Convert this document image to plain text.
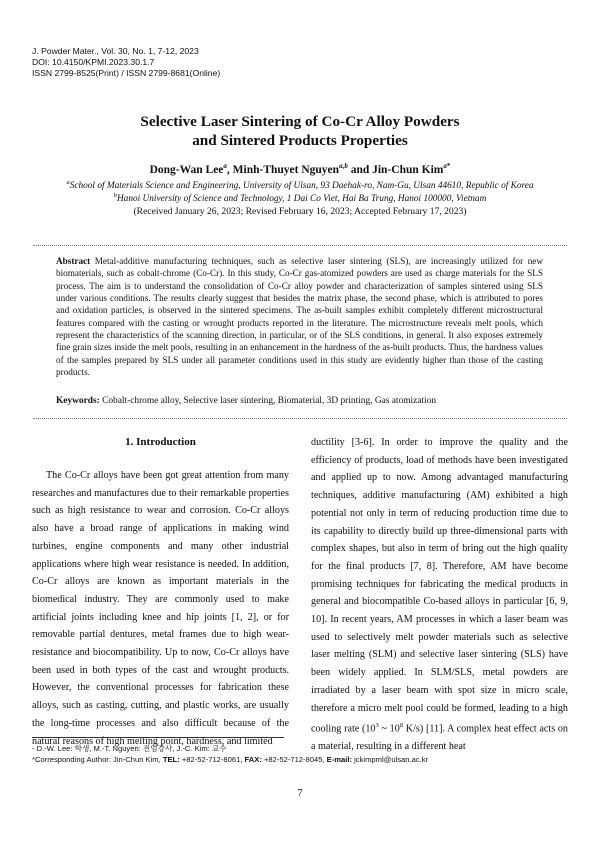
J. Powder Mater., Vol. 30, No. 1, 7-12, 2023
DOI: 10.4150/KPMI.2023.30.1.7
ISSN 2799-8525(Print) / ISSN 2799-8681(Online)
Selective Laser Sintering of Co-Cr Alloy Powders
and Sintered Products Properties
Dong-Wan Lee$^a$, Minh-Thuyet Nguyen$^{a,b}$ and Jin-Chun Kim$^{a*}$
$^a$School of Materials Science and Engineering, University of Ulsan, 93 Daehak-ro, Nam-Gu, Ulsan 44610, Republic of Korea
$^b$Hanoi University of Science and Technology, 1 Dai Co Viet, Hai Ba Trung, Hanoi 100000, Vietnam
(Received January 26, 2023; Revised February 16, 2023; Accepted February 17, 2023)
Abstract Metal-additive manufacturing techniques, such as selective laser sintering (SLS), are increasingly utilized for new biomaterials, such as cobalt-chrome (Co-Cr). In this study, Co-Cr gas-atomized powders are used as charge materials for the SLS process. The aim is to understand the consolidation of Co-Cr alloy powder and characterization of samples sintered using SLS under various conditions. The results clearly suggest that besides the matrix phase, the second phase, which is attributed to pores and oxidation particles, is observed in the sintered specimens. The as-built samples exhibit completely different microstructural features compared with the casting or wrought products reported in the literature. The microstructure reveals melt pools, which represent the characteristics of the scanning direction, in particular, or of the SLS conditions, in general. It also exposes extremely fine grain sizes inside the melt pools, resulting in an enhancement in the hardness of the as-built products. Thus, the hardness values of the samples prepared by SLS under all parameter conditions used in this study are evidently higher than those of the casting products.
Keywords: Cobalt-chrome alloy, Selective laser sintering, Biomaterial, 3D printing, Gas atomization
1. Introduction

The Co-Cr alloys have been got great attention from many researches and manufactures due to their remarkable properties such as high resistance to wear and corrosion. Co-Cr alloys also have a broad range of applications in making wind turbines, engine components and many other industrial applications where high wear resistance is needed. In addition, Co-Cr alloys are known as important materials in the biomedical industry. They are commonly used to make artificial joints including knee and hip joints [1, 2], or for removable partial dentures, metal frames due to high wear-resistance and biocompatibility. Up to now, Co-Cr alloys have been used in both types of the cast and wrought products. However, the conventional processes for fabrication these alloys, such as casting, cutting, and plastic works, are usually the long-time processes and also difficult because of the natural reasons of high melting point, hardness, and limited

ductility [3-6]. In order to improve the quality and the efficiency of products, load of methods have been investigated and applied up to now. Among advantaged manufacturing techniques, additive manufacturing (AM) exhibited a high potential not only in term of reducing production time due to its capability to directly build up three-dimensional parts with complex shapes, but also in term of bring out the high quality for the final products [7, 8]. Therefore, AM have become promising techniques for fabricating the medical products in general and biocompatible Co-based alloys in particular [6, 9, 10]. In recent years, AM processes in which a laser beam was used to selectively melt powder materials such as selective laser melting (SLM) and selective laser sintering (SLS) have been widely applied. In SLM/SLS, metal powders are irradiated by a laser beam with spot size in micro scale, therefore a micro melt pool could be formed, leading to a high cooling rate ($10^3$ ~ $10^8$ K/s) [11]. A complex heat effect acts on a material, resulting in a different heat

- D.-W. Lee: 학생, M.-T. Nguyen: 전임강사, J.-C. Kim: 교수
*Corresponding Author: Jin-Chun Kim, TEL: +82-52-712-8061, FAX: +82-52-712-8045, E-mail: jckimpml@ulsan.ac.kr
7
